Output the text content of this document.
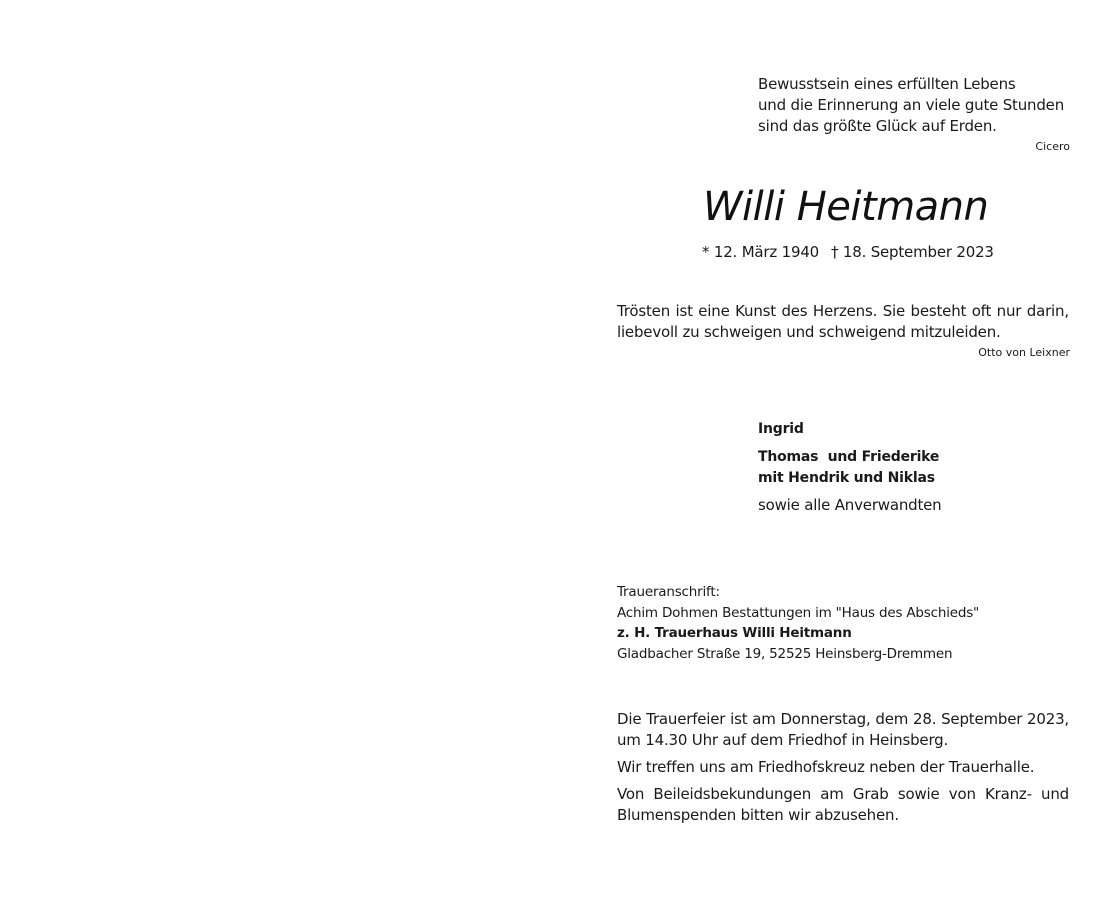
Bewusstsein eines erfüllten Lebens
und die Erinnerung an viele gute Stunden
sind das größte Glück auf Erden.
Cicero
Willi Heitmann
* 12. März 1940 † 18. September 2023
Trösten ist eine Kunst des Herzens. Sie besteht oft nur darin,
liebevoll zu schweigen und schweigend mitzuleiden.
Otto von Leixner
Ingrid
Thomas  und Friederike
mit Hendrik und Niklas
sowie alle Anverwandten
Traueranschrift:
Achim Dohmen Bestattungen im "Haus des Abschieds"
z. H. Trauerhaus Willi Heitmann
Gladbacher Straße 19, 52525 Heinsberg-Dremmen

Die Trauerfeier ist am Donnerstag, dem 28. September 2023, um 14.30 Uhr auf dem Friedhof in Heinsberg.

Wir treffen uns am Friedhofskreuz neben der Trauerhalle.

Von Beileidsbekundungen am Grab sowie von Kranz- und Blumenspenden bitten wir abzusehen.
